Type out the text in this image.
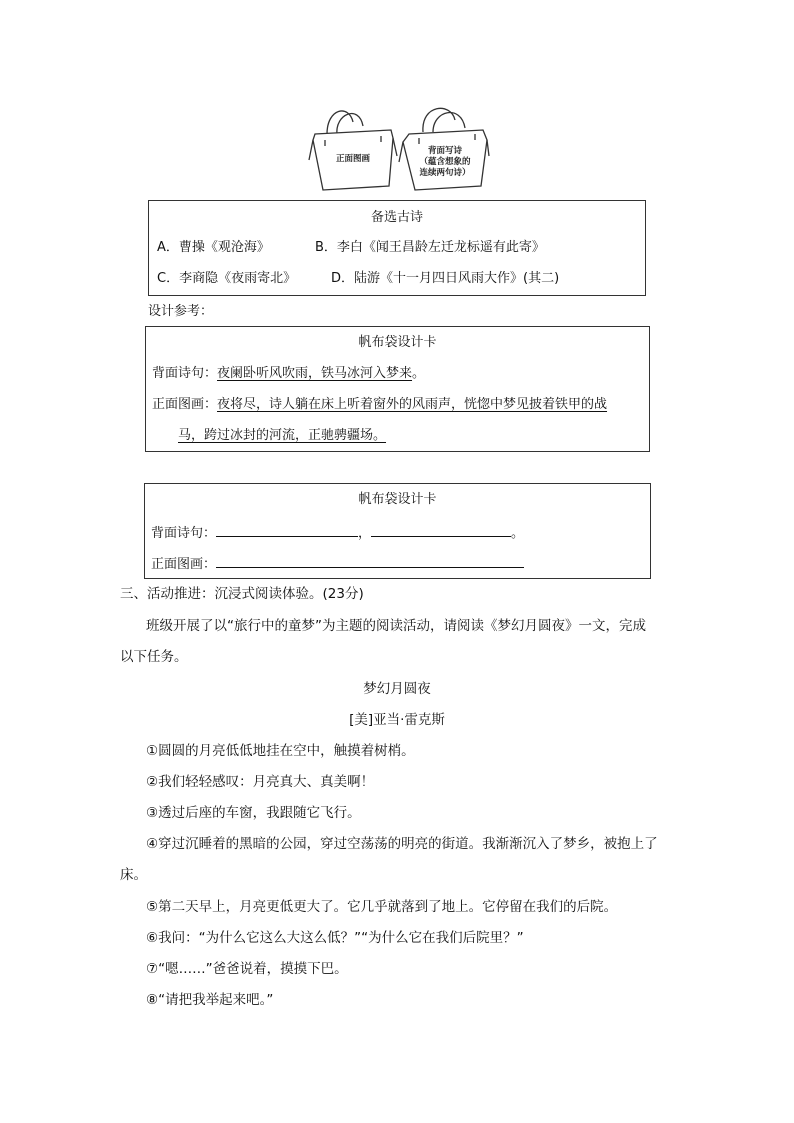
正面图画
背面写诗
（蕴含想象的
连续两句诗）
备选古诗
A．曹操《观沧海》	B．李白《闻王昌龄左迁龙标遥有此寄》
C．李商隐《夜雨寄北》	D．陆游《十一月四日风雨大作》(其二)
设计参考：
帆布袋设计卡
背面诗句：夜阑卧听风吹雨，铁马冰河入梦来。
正面图画：夜将尽，诗人躺在床上听着窗外的风雨声，恍惚中梦见披着铁甲的战
马，跨过冰封的河流，正驰骋疆场。
帆布袋设计卡
背面诗句：	，	。
正面图画：
三、活动推进：沉浸式阅读体验。(23分)
班级开展了以“旅行中的童梦”为主题的阅读活动，请阅读《梦幻月圆夜》一文，完成
以下任务。
梦幻月圆夜
[美]亚当·雷克斯
①圆圆的月亮低低地挂在空中，触摸着树梢。
②我们轻轻感叹：月亮真大、真美啊！
③透过后座的车窗，我跟随它飞行。
④穿过沉睡着的黑暗的公园，穿过空荡荡的明亮的街道。我渐渐沉入了梦乡，被抱上了
床。
⑤第二天早上，月亮更低更大了。它几乎就落到了地上。它停留在我们的后院。
⑥我问：“为什么它这么大这么低？”“为什么它在我们后院里？”
⑦“嗯……”爸爸说着，摸摸下巴。
⑧“请把我举起来吧。”
